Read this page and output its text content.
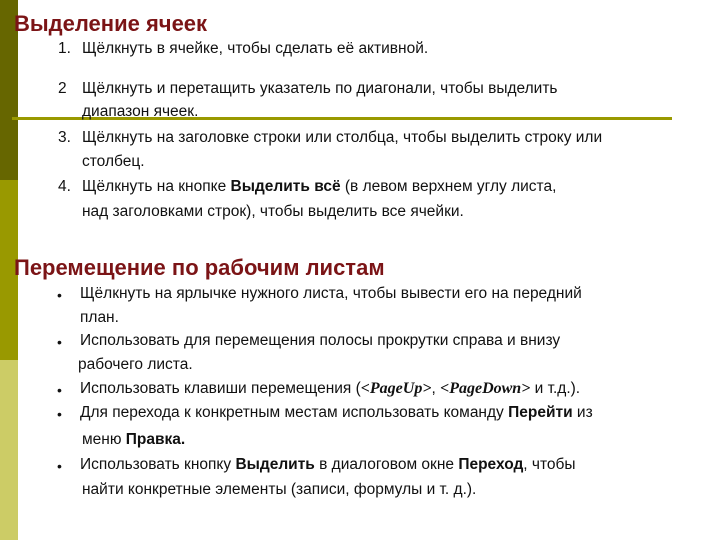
Выделение ячеек
1. Щёлкнуть в ячейке, чтобы сделать её активной.
2 Щёлкнуть и перетащить указатель по диагонали, чтобы выделить
диапазон ячеек.
3. Щёлкнуть на заголовке строки или столбца, чтобы выделить строку или
столбец.
4. Щёлкнуть на кнопке Выделить всё (в левом верхнем углу листа,
над заголовками строк), чтобы выделить все ячейки.
Перемещение по рабочим листам
• Щёлкнуть на ярлычке нужного листа, чтобы вывести его на передний
план.
• Использовать для перемещения полосы прокрутки справа и внизу
рабочего листа.
• Использовать клавиши перемещения (<PageUp>, <PageDown> и т.д.).
• Для перехода к конкретным местам использовать команду Перейти из
меню Правка.
• Использовать кнопку Выделить в диалоговом окне Переход, чтобы
найти конкретные элементы (записи, формулы и т. д.).
